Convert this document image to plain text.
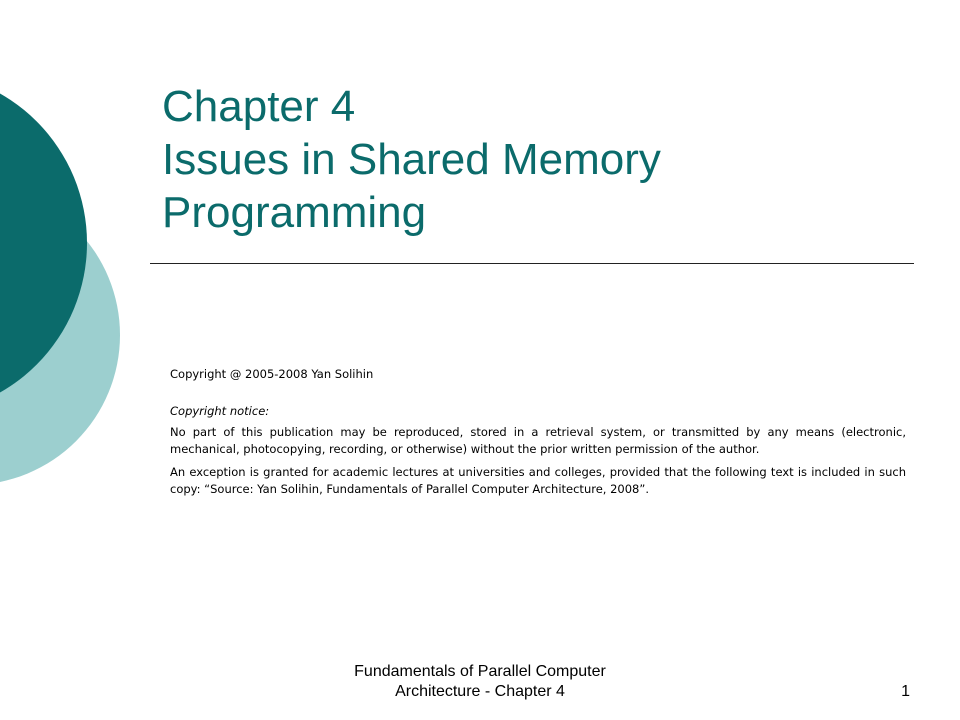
Chapter 4
Issues in Shared Memory
Programming

Copyright @ 2005-2008 Yan Solihin

Copyright notice:

No part of this publication may be reproduced, stored in a retrieval system, or transmitted by any means (electronic, mechanical, photocopying, recording, or otherwise) without the prior written permission of the author.

An exception is granted for academic lectures at universities and colleges, provided that the following text is included in such copy: “Source: Yan Solihin, Fundamentals of Parallel Computer Architecture, 2008”.

Fundamentals of Parallel Computer
Architecture - Chapter 4	1
